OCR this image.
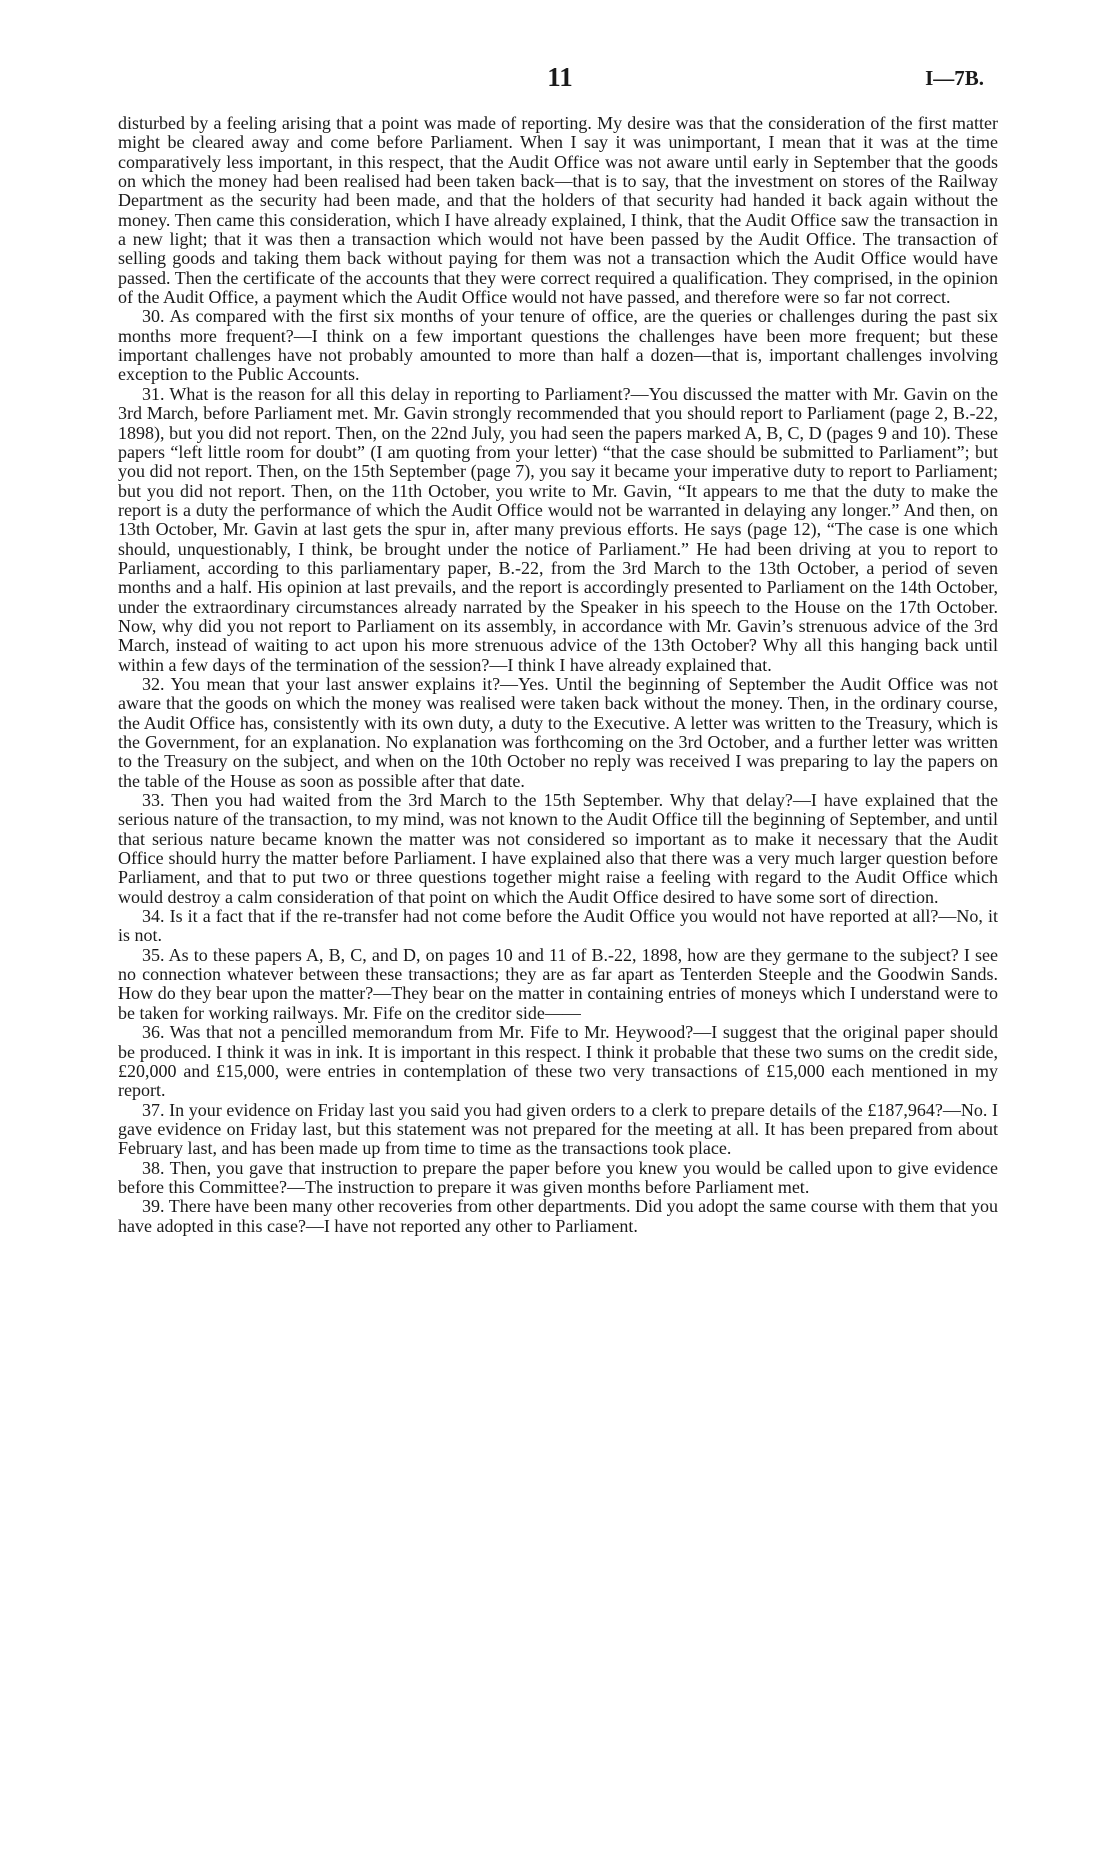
11	I—7B.

disturbed by a feeling arising that a point was made of reporting. My desire was that the consideration of the first matter might be cleared away and come before Parliament. When I say it was unimportant, I mean that it was at the time comparatively less important, in this respect, that the Audit Office was not aware until early in September that the goods on which the money had been realised had been taken back—that is to say, that the investment on stores of the Railway Department as the security had been made, and that the holders of that security had handed it back again without the money. Then came this consideration, which I have already explained, I think, that the Audit Office saw the transaction in a new light; that it was then a transaction which would not have been passed by the Audit Office. The transaction of selling goods and taking them back without paying for them was not a transaction which the Audit Office would have passed. Then the certificate of the accounts that they were correct required a qualification. They comprised, in the opinion of the Audit Office, a payment which the Audit Office would not have passed, and therefore were so far not correct.

30. As compared with the first six months of your tenure of office, are the queries or challenges during the past six months more frequent?—I think on a few important questions the challenges have been more frequent; but these important challenges have not probably amounted to more than half a dozen—that is, important challenges involving exception to the Public Accounts.

31. What is the reason for all this delay in reporting to Parliament?—You discussed the matter with Mr. Gavin on the 3rd March, before Parliament met. Mr. Gavin strongly recommended that you should report to Parliament (page 2, B.-22, 1898), but you did not report. Then, on the 22nd July, you had seen the papers marked A, B, C, D (pages 9 and 10). These papers “left little room for doubt” (I am quoting from your letter) “that the case should be submitted to Parliament”; but you did not report. Then, on the 15th September (page 7), you say it became your imperative duty to report to Parliament; but you did not report. Then, on the 11th October, you write to Mr. Gavin, “It appears to me that the duty to make the report is a duty the performance of which the Audit Office would not be warranted in delaying any longer.” And then, on 13th October, Mr. Gavin at last gets the spur in, after many previous efforts. He says (page 12), “The case is one which should, unquestionably, I think, be brought under the notice of Parliament.” He had been driving at you to report to Parliament, according to this parliamentary paper, B.-22, from the 3rd March to the 13th October, a period of seven months and a half. His opinion at last prevails, and the report is accordingly presented to Parliament on the 14th October, under the extraordinary circumstances already narrated by the Speaker in his speech to the House on the 17th October. Now, why did you not report to Parliament on its assembly, in accordance with Mr. Gavin’s strenuous advice of the 3rd March, instead of waiting to act upon his more strenuous advice of the 13th October? Why all this hanging back until within a few days of the termination of the session?—I think I have already explained that.

32. You mean that your last answer explains it?—Yes. Until the beginning of September the Audit Office was not aware that the goods on which the money was realised were taken back without the money. Then, in the ordinary course, the Audit Office has, consistently with its own duty, a duty to the Executive. A letter was written to the Treasury, which is the Government, for an explanation. No explanation was forthcoming on the 3rd October, and a further letter was written to the Treasury on the subject, and when on the 10th October no reply was received I was preparing to lay the papers on the table of the House as soon as possible after that date.

33. Then you had waited from the 3rd March to the 15th September. Why that delay?—I have explained that the serious nature of the transaction, to my mind, was not known to the Audit Office till the beginning of September, and until that serious nature became known the matter was not considered so important as to make it necessary that the Audit Office should hurry the matter before Parliament. I have explained also that there was a very much larger question before Parliament, and that to put two or three questions together might raise a feeling with regard to the Audit Office which would destroy a calm consideration of that point on which the Audit Office desired to have some sort of direction.

34. Is it a fact that if the re-transfer had not come before the Audit Office you would not have reported at all?—No, it is not.

35. As to these papers A, B, C, and D, on pages 10 and 11 of B.-22, 1898, how are they germane to the subject? I see no connection whatever between these transactions; they are as far apart as Tenterden Steeple and the Goodwin Sands. How do they bear upon the matter?—They bear on the matter in containing entries of moneys which I understand were to be taken for working railways. Mr. Fife on the creditor side——

36. Was that not a pencilled memorandum from Mr. Fife to Mr. Heywood?—I suggest that the original paper should be produced. I think it was in ink. It is important in this respect. I think it probable that these two sums on the credit side, £20,000 and £15,000, were entries in contemplation of these two very transactions of £15,000 each mentioned in my report.

37. In your evidence on Friday last you said you had given orders to a clerk to prepare details of the £187,964?—No. I gave evidence on Friday last, but this statement was not prepared for the meeting at all. It has been prepared from about February last, and has been made up from time to time as the transactions took place.

38. Then, you gave that instruction to prepare the paper before you knew you would be called upon to give evidence before this Committee?—The instruction to prepare it was given months before Parliament met.

39. There have been many other recoveries from other departments. Did you adopt the same course with them that you have adopted in this case?—I have not reported any other to Parliament.
